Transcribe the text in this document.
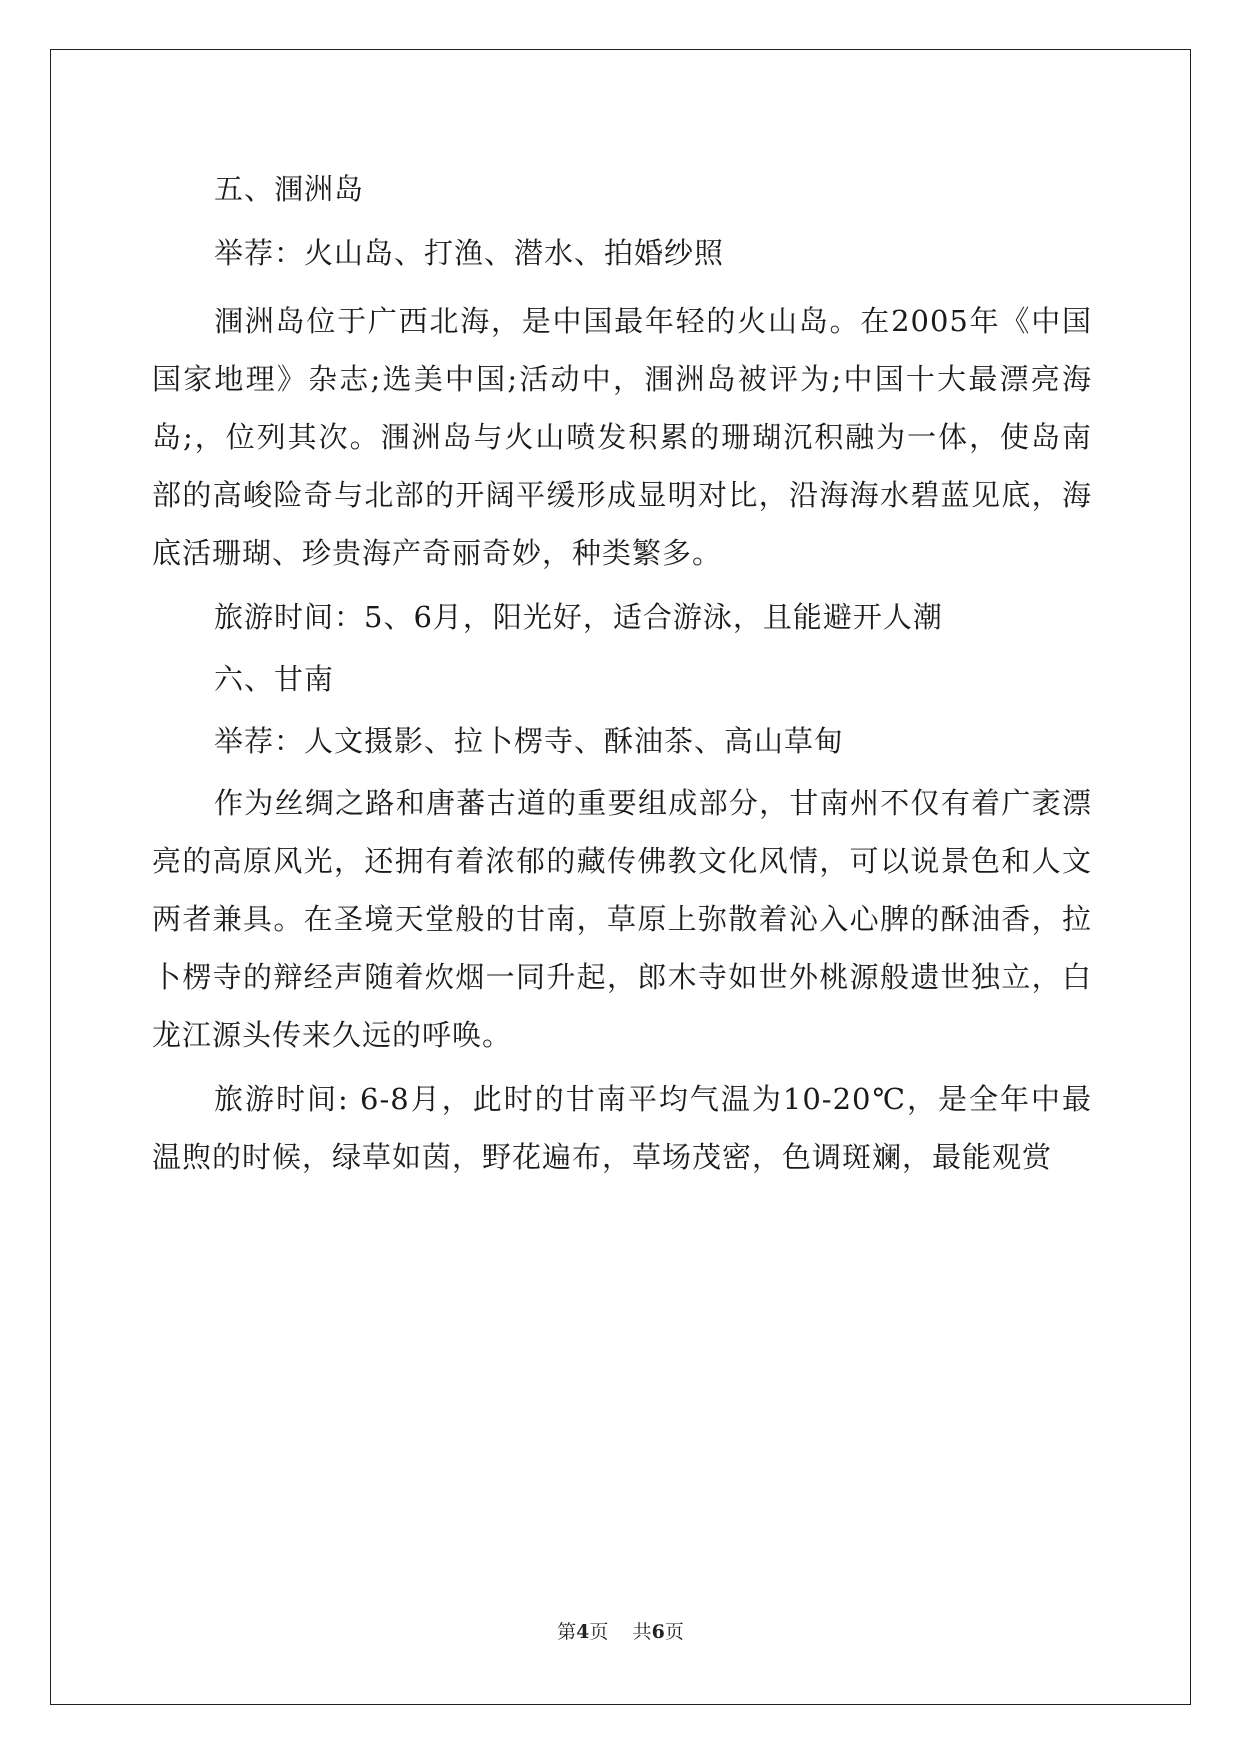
五、涠洲岛

举荐：火山岛、打渔、潜水、拍婚纱照

涠洲岛位于广西北海，是中国最年轻的火山岛。在2005年《中国国家地理》杂志;选美中国;活动中，涠洲岛被评为;中国十大最漂亮海岛;，位列其次。涠洲岛与火山喷发积累的珊瑚沉积融为一体，使岛南部的高峻险奇与北部的开阔平缓形成显明对比，沿海海水碧蓝见底，海底活珊瑚、珍贵海产奇丽奇妙，种类繁多。

旅游时间：5、6月，阳光好，适合游泳，且能避开人潮

六、甘南

举荐：人文摄影、拉卜楞寺、酥油茶、高山草甸

作为丝绸之路和唐蕃古道的重要组成部分，甘南州不仅有着广袤漂亮的高原风光，还拥有着浓郁的藏传佛教文化风情，可以说景色和人文两者兼具。在圣境天堂般的甘南，草原上弥散着沁入心脾的酥油香，拉卜楞寺的辩经声随着炊烟一同升起，郎木寺如世外桃源般遗世独立，白龙江源头传来久远的呼唤。

旅游时间: 6-8月，此时的甘南平均气温为10-20℃，是全年中最温煦的时候，绿草如茵，野花遍布，草场茂密，色调斑斓，最能观赏

第4页 共6页
